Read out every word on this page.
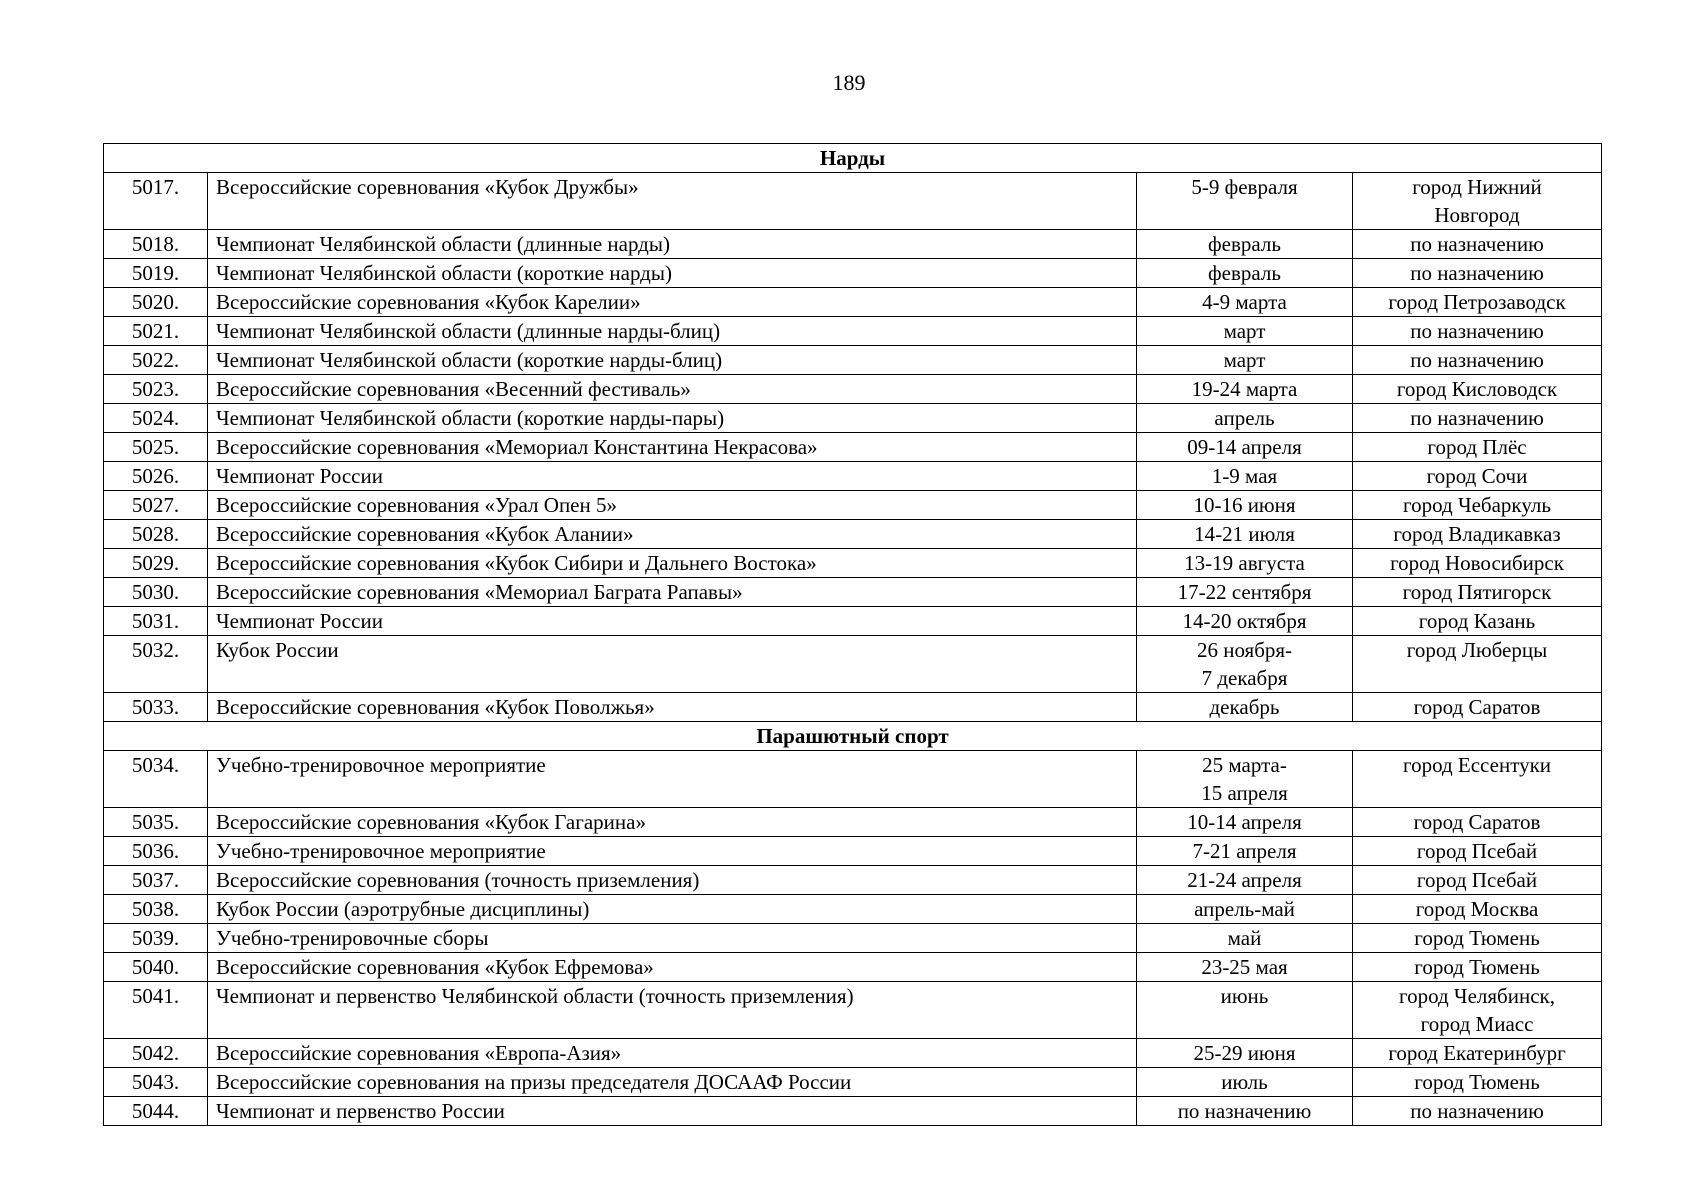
189
Нарды			
5017.	Всероссийские соревнования «Кубок Дружбы»	5-9 февраля	город Нижний
Новгород

5018.	Чемпионат Челябинской области (длинные нарды)	февраль	по назначению

5019.	Чемпионат Челябинской области (короткие нарды)	февраль	по назначению

5020.	Всероссийские соревнования «Кубок Карелии»	4-9 марта	город Петрозаводск

5021.	Чемпионат Челябинской области (длинные нарды-блиц)	март	по назначению

5022.	Чемпионат Челябинской области (короткие нарды-блиц)	март	по назначению

5023.	Всероссийские соревнования «Весенний фестиваль»	19-24 марта	город Кисловодск

5024.	Чемпионат Челябинской области (короткие нарды-пары)	апрель	по назначению

5025.	Всероссийские соревнования «Мемориал Константина Некрасова»	09-14 апреля	город Плёс

5026.	Чемпионат России	1-9 мая	город Сочи

5027.	Всероссийские соревнования «Урал Опен 5»	10-16 июня	город Чебаркуль

5028.	Всероссийские соревнования «Кубок Алании»	14-21 июля	город Владикавказ

5029.	Всероссийские соревнования «Кубок Сибири и Дальнего Востока»	13-19 августа	город Новосибирск

5030.	Всероссийские соревнования «Мемориал Баграта Рапавы»	17-22 сентября	город Пятигорск

5031.	Чемпионат России	14-20 октября	город Казань

5032.	Кубок России	26 ноября-
7 декабря	город Люберцы

5033.	Всероссийские соревнования «Кубок Поволжья»	декабрь	город Саратов

Парашютный спорт			
5034.	Учебно-тренировочное мероприятие	25 марта-
15 апреля	город Ессентуки

5035.	Всероссийские соревнования «Кубок Гагарина»	10-14 апреля	город Саратов

5036.	Учебно-тренировочное мероприятие	7-21 апреля	город Псебай

5037.	Всероссийские соревнования (точность приземления)	21-24 апреля	город Псебай

5038.	Кубок России (аэротрубные дисциплины)	апрель-май	город Москва

5039.	Учебно-тренировочные сборы	май	город Тюмень

5040.	Всероссийские соревнования «Кубок Ефремова»	23-25 мая	город Тюмень

5041.	Чемпионат и первенство Челябинской области (точность приземления)	июнь	город Челябинск,
город Миасс

5042.	Всероссийские соревнования «Европа-Азия»	25-29 июня	город Екатеринбург

5043.	Всероссийские соревнования на призы председателя ДОСААФ России	июль	город Тюмень

5044.	Чемпионат и первенство России	по назначению	по назначению
